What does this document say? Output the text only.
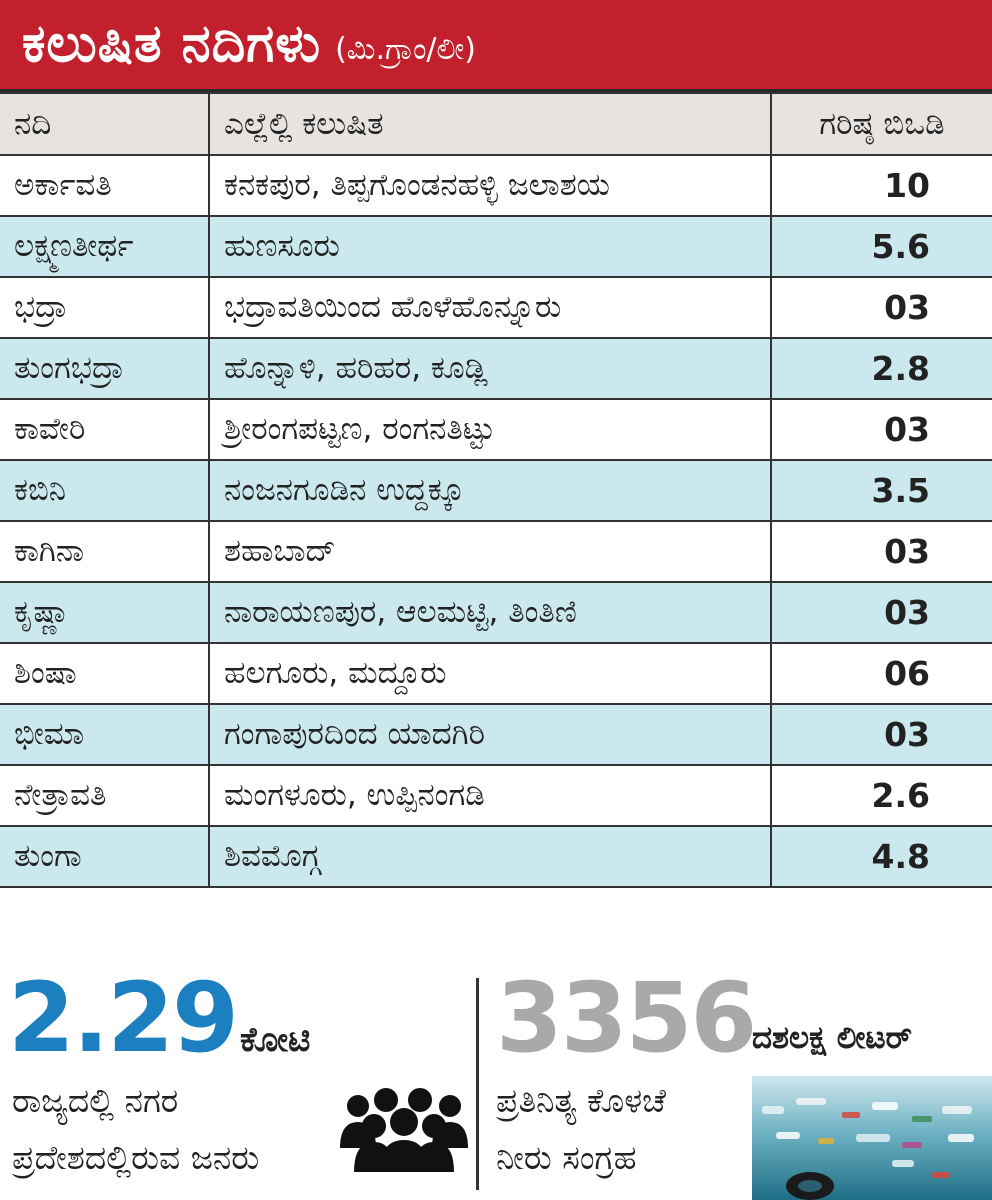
ಕಲುಷಿತ ನದಿಗಳು (ಮಿ.ಗ್ರಾಂ/ಲೀ)
ನದಿ	ಎಲ್ಲೆಲ್ಲಿ ಕಲುಷಿತ	ಗರಿಷ್ಠ ಬಿಒಡಿ
ಅರ್ಕಾವತಿ	ಕನಕಪುರ, ತಿಪ್ಪಗೊಂಡನಹಳ್ಳಿ ಜಲಾಶಯ	10
ಲಕ್ಷ್ಮಣತೀರ್ಥ	ಹುಣಸೂರು	5.6
ಭದ್ರಾ	ಭದ್ರಾವತಿಯಿಂದ ಹೊಳೆಹೊನ್ನೂರು	03
ತುಂಗಭದ್ರಾ	ಹೊನ್ನಾಳಿ, ಹರಿಹರ, ಕೂಡ್ಲಿ	2.8
ಕಾವೇರಿ	ಶ್ರೀರಂಗಪಟ್ಟಣ, ರಂಗನತಿಟ್ಟು	03
ಕಬಿನಿ	ನಂಜನಗೂಡಿನ ಉದ್ದಕ್ಕೂ	3.5
ಕಾಗಿನಾ	ಶಹಾಬಾದ್	03
ಕೃಷ್ಣಾ	ನಾರಾಯಣಪುರ, ಆಲಮಟ್ಟಿ, ತಿಂತಿಣಿ	03
ಶಿಂಷಾ	ಹಲಗೂರು, ಮದ್ದೂರು	06
ಭೀಮಾ	ಗಂಗಾಪುರದಿಂದ ಯಾದಗಿರಿ	03
ನೇತ್ರಾವತಿ	ಮಂಗಳೂರು, ಉಪ್ಪಿನಂಗಡಿ	2.6
ತುಂಗಾ	ಶಿವಮೊಗ್ಗ	4.8
2.29 ಕೋಟಿ
ರಾಜ್ಯದಲ್ಲಿ ನಗರ
ಪ್ರದೇಶದಲ್ಲಿರುವ ಜನರು
3356
ದಶಲಕ್ಷ ಲೀಟರ್
ಪ್ರತಿನಿತ್ಯ ಕೊಳಚೆ
ನೀರು ಸಂಗ್ರಹ
